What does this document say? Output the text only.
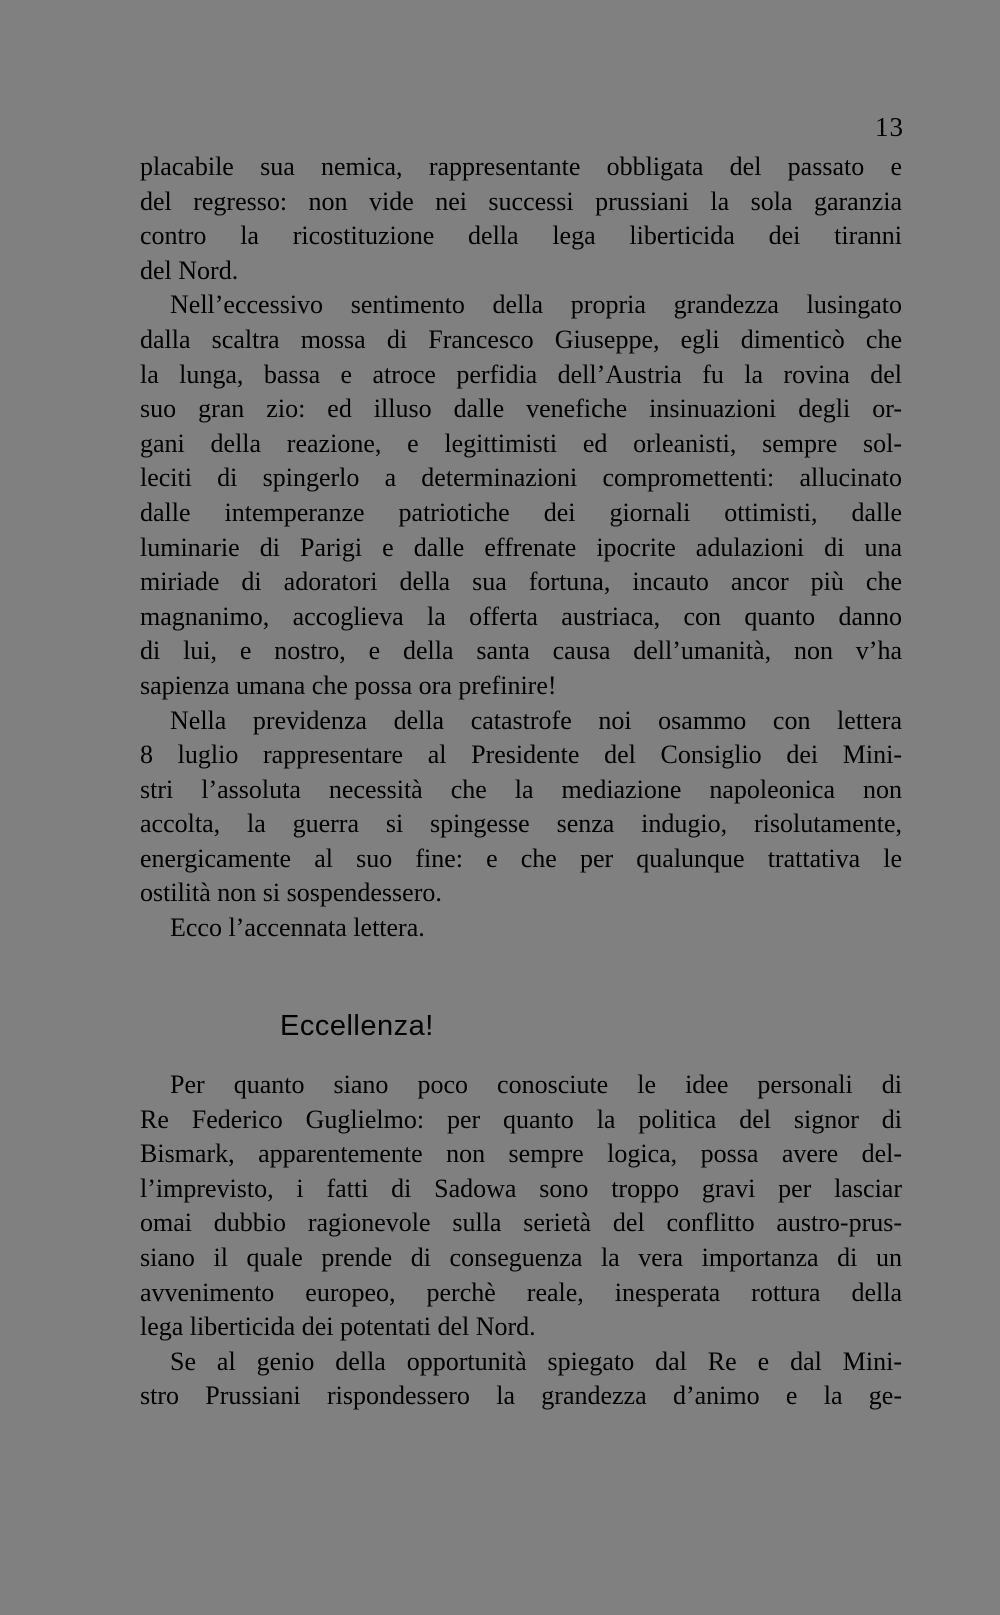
13
placabile sua nemica, rappresentante obbligata del passato e
del regresso: non vide nei successi prussiani la sola garanzia
contro la ricostituzione della lega liberticida dei tiranni
del Nord.
Nell’eccessivo sentimento della propria grandezza lusingato
dalla scaltra mossa di Francesco Giuseppe, egli dimenticò che
la lunga, bassa e atroce perfidia dell’Austria fu la rovina del
suo gran zio: ed illuso dalle venefiche insinuazioni degli or-
gani della reazione, e legittimisti ed orleanisti, sempre sol-
leciti di spingerlo a determinazioni compromettenti: allucinato
dalle intemperanze patriotiche dei giornali ottimisti, dalle
luminarie di Parigi e dalle effrenate ipocrite adulazioni di una
miriade di adoratori della sua fortuna, incauto ancor più che
magnanimo, accoglieva la offerta austriaca, con quanto danno
di lui, e nostro, e della santa causa dell’umanità, non v’ha
sapienza umana che possa ora prefinire!
Nella previdenza della catastrofe noi osammo con lettera
8 luglio rappresentare al Presidente del Consiglio dei Mini-
stri l’assoluta necessità che la mediazione napoleonica non
accolta, la guerra si spingesse senza indugio, risolutamente,
energicamente al suo fine: e che per qualunque trattativa le
ostilità non si sospendessero.
Ecco l’accennata lettera.
Eccellenza!
Per quanto siano poco conosciute le idee personali di
Re Federico Guglielmo: per quanto la politica del signor di
Bismark, apparentemente non sempre logica, possa avere del-
l’imprevisto, i fatti di Sadowa sono troppo gravi per lasciar
omai dubbio ragionevole sulla serietà del conflitto austro-prus-
siano il quale prende di conseguenza la vera importanza di un
avvenimento europeo, perchè reale, inesperata rottura della
lega liberticida dei potentati del Nord.
Se al genio della opportunità spiegato dal Re e dal Mini-
stro Prussiani rispondessero la grandezza d’animo e la ge-
